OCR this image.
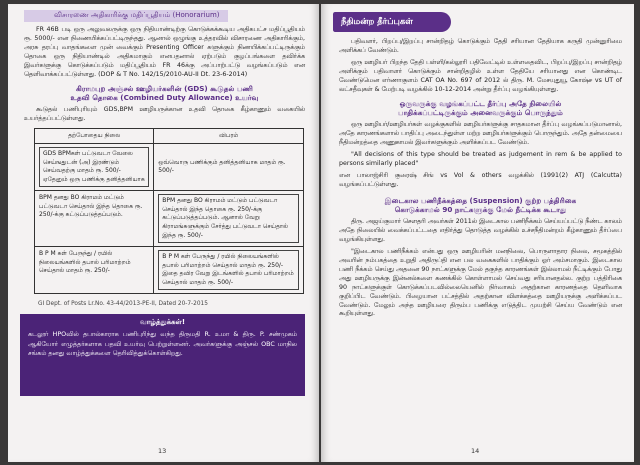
விசாரணை அதிகாரிக்கு மதிப்பூதியம் (Honorarium)

FR 46B படி ஒரு அலுவலருக்கு ஒரு நிதியாண்டிற்கு கொடுக்கக்கூடிய அதிகபட்ச மதிப்பூதியம் ரூ. 5000/- என நிணையிக்கப்பட்டிருந்தது. ஆனால் ஒழுங்கு உத்தரவில் விசாரணை அதிகாரிக்கும், அரசு தரப்பு வாதங்களை முன் வைக்கும் Presenting Officer களுக்கும் நிணயிக்கப்பட்டிருக்கும் தொகை ஒரு நிதியாண்டில் அதிகமாகும் எனபதனால் ஏற்படும் குழப்பங்களை தவிர்க்க இவர்களுக்கு கொடுக்கப்படும் மதிப்பூதியம் FR 46க்கு அப்பாற்பட்டு வழங்கப்படும் என தெளிவாக்கப்பட்டுள்ளது. (DOP & T No. 142/15/2010-AU-II Dt. 23-6-2014)

கிராமபுற அஞ்சல் ஊழியர்களின் (GDS) கூடுதல் பணி
உதவி தொகை (Combined Duty Allowance) உயர்வு

கூடுதல் பணிபுரியும் GDS,BPM ஊழியருக்கான உதவி தொகை கீழ்காணும் வகையில் உயர்த்தப்பட்டுள்ளது.

தற்போதைய நிலை	விபரம்

GDS BPMகள் பட்டுவடா வேலை செய்ஙதுடன் (அ) இரண்டும் செய்வதற்கு மாதம் ரூ. 500/- ஏதேனும் ஒரு பணிக்கு தனித்தனியாக	ஒவ்வொரு பணிக்கும் தனித்தனியாக மாதம் ரூ. 500/-

BPM தனது BO கிராமம் மட்டும் பட்டுவடா செய்தால் இந்த தொகை ரூ. 250/-க்கு கட்டுப்படுத்தப்படும்.	BPM தனது BO கிராமம் மட்டும் பட்டுவடா செய்தால் இந்த தொகை ரூ. 250/-க்கு கட்டுப்படுத்தப்படும். ஆனால் வேறு கிராமங்களுக்கும் சேர்த்து பட்டுவடா செய்தால் இந்த ரூ. 500/-

B P M கள் பேருந்து / ரயில் நிலையங்களில் தபால் பரிமாற்றம் செய்தால் மாதம் ரூ. 250/-	B P M கள் பேருந்து / ரயில் நிலையங்களில் தபால் பரிமாற்றம் செய்தால் மாதம் ரூ. 250/- இதை தவிர வேறு இடங்களில் தபால் பரிமாற்றம் செய்தால் மாதம் ரூ. 500/-
GI Dept. of Posts Lr.No. 43-44/2013-PE-II, Dated 20-7-2015
வாழ்த்துக்கள்!

கடலூர் HPOவில் தபால்காராக பணிபுரிந்து வந்த திருமதி R. உமா & திரு. P. சண்முகம் ஆகியோர் எழுத்தர்களாக பதவி உயர்வு பெற்றுள்ளனர். அவர்களுக்கு அஞ்சல் OBC மாநில சங்கம் தனது வாழ்த்துக்களை தெரிவித்துக்கொள்கிறது.

13
நீதிமன்ற தீர்ப்புகள்

பதிவளர், பிறப்பு/இறப்பு சான்றிதழ் கொடுக்கும் தேதி சரியான தேதியாக கருதி முன்னுரிமை அளிக்கப் வேண்டும்.

ஒரு ஊழியர் பிறந்த தேதி பள்ளி/கல்லூரி பதிவேட்டில் உள்ளதைவிட, பிறப்பு/இறப்பு சான்றிதழ் அளிக்கும் பதிவாளர் கொடுக்கும் சான்றிதழில் உள்ள தேதியே சரியானது என கொண்டிட வேண்டுமென எர்ணாகுளம் CAT OA No. 697 of 2012 ல் திரு. M. மேசயுதுயூ கோஷ்ச vs UT of லட்சதீவுகள் & மேற்படி வழக்கில் 10-12-2014 அன்று தீர்ப்பு வழங்கியுள்ளது.

ஒருவருக்கு வழங்கப்பட்ட தீர்ப்பு அதே நிலையில்
பாதிக்கப்பட்டிருக்கும் அனைவருக்கும் பொருந்தும்

ஒரு ஊழியர்/ஊழியர்கள் வழக்குகளில் ஊழியர்களுக்கு சாதகமான தீர்ப்பு வழங்கப்படுமானால், அதே காரணங்களால் பாதிப்பு அடைந்துள்ள மற்ற ஊழியர்களுக்கும் பொருந்தும். அதே தன்மையை நீதிமன்றத்தை அணுகாமல் இவர்களுக்கும் அளிக்கப்பட வேண்டும்.

"All decisions of this type should be treated as judgement in rem & be applied to persons similarly placed"

என பாலாஜ்சிரி குரைஷ் சிங் vs Vol & others வழக்கில் (1991(2) ATJ (Calcutta) வழங்கப்பட்டுள்ளது.

இடைகால பணிநீக்கத்தை (Suspension) குற்ற பத்திரிகை
கொடுக்காமல் 90 நாட்களுக்கு மேல் நீட்டிக்க கூடாது

திரு. அஜய்குமார் சௌதரி அவர்கள் 2011ல் இடைகால பணிநீக்கம் செய்யப்பட்டு நீண்ட காலம் அதே நிலையில் வைக்கப்பட்டதை எதிர்த்து தொடுத்த வழக்கில் உச்சநீதிமன்றம் கீழ்காணும் தீர்ப்பை வழங்கியுள்ளது.

"இடைகால பணிநீக்கம் என்பது ஒரு ஊழியரின் மனநிலை, பொருளாதார நிலை, சமூகத்தில் அவரின் நம்பகத்தை உறுதி அதிருப்தி என பல வகைகளில் பாதிக்கும் ஓர் அம்சமாகும். இடைகால பணி நீக்கம் செய்து அதனை 90 நாட்களுக்கு மேல் தகுந்த காரணங்கள் இல்லாமல் நீட்டிக்கும் போது அது ஊழியருக்கு இன்னல்களை கணக்கில் கொள்ளாமல் செய்வது சரியானதல்ல. குற்ற பத்திரிகை 90 நாட்களுக்குள் கொடுக்கப்படவில்லையெனில் நிர்வாகம் அதற்கான காரணத்தை தெளிவாக குறிப்பிட வேண்டும். பிழையான பட்சத்தில் அதற்கான விளக்கத்தை ஊழியருக்கு அளிக்கப்பட வேண்டும். மேலும் அந்த ஊழியரை திரும்ப பணிக்கு எடுத்திட முயற்சி செய்ய வேண்டும் என கூறியுள்ளது.

14
